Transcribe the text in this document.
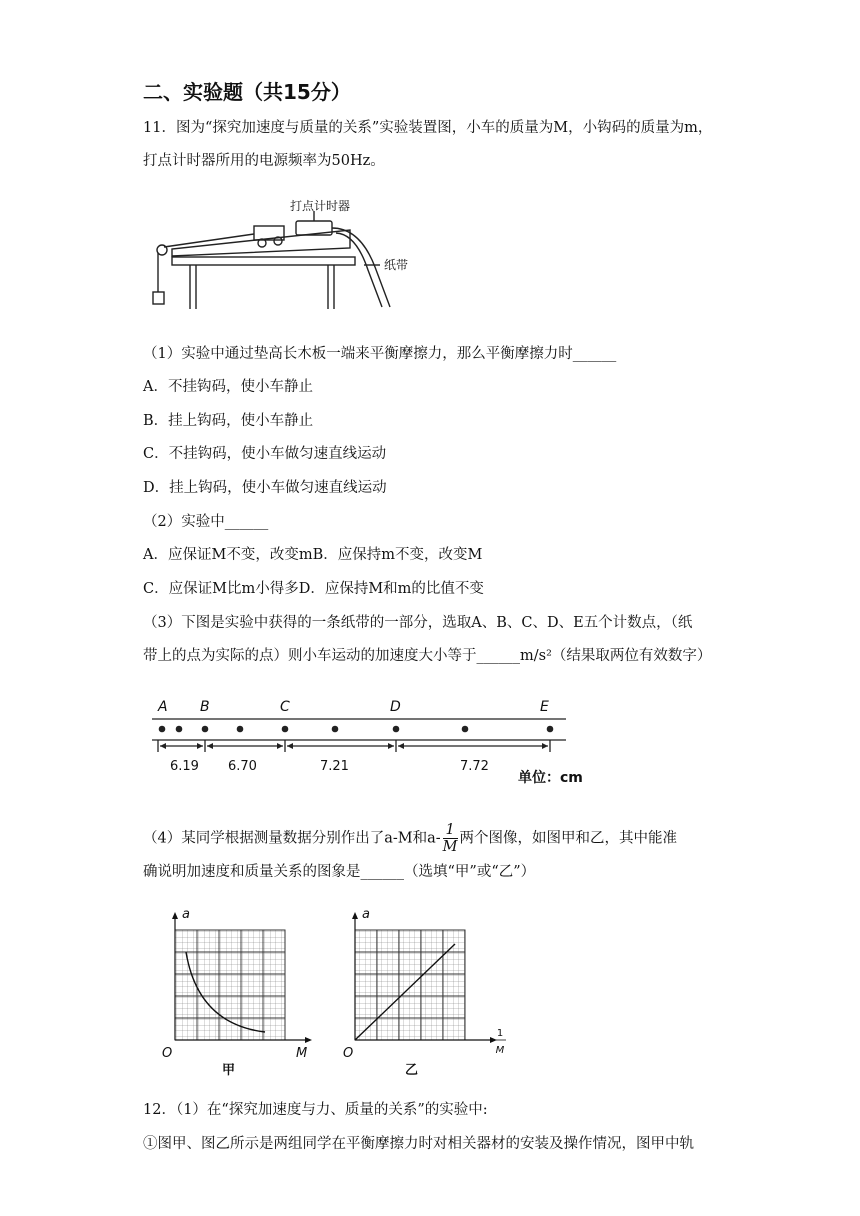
二、实验题（共15分）
11．图为“探究加速度与质量的关系”实验装置图，小车的质量为M，小钩码的质量为m，
打点计时器所用的电源频率为50Hz。
打点计时器
纸带
（1）实验中通过垫高长木板一端来平衡摩擦力，那么平衡摩擦力时______
A．不挂钩码，使小车静止
B．挂上钩码，使小车静止
C．不挂钩码，使小车做匀速直线运动
D．挂上钩码，使小车做匀速直线运动
（2）实验中______
A．应保证M不变，改变mB．应保持m不变，改变M
C．应保证M比m小得多D．应保持M和m的比值不变
（3）下图是实验中获得的一条纸带的一部分，选取A、B、C、D、E五个计数点，（纸
带上的点为实际的点）则小车运动的加速度大小等于______m/s²（结果取两位有效数字）
A B	C	D	E
6.19 6.70	7.21	7.72
单位：cm
（4）某同学根据测量数据分别作出了a-M和$a- \frac{1}{M}$ 两个图像，如图甲和乙，其中能准
确说明加速度和质量关系的图象是______（选填“甲”或“乙”）
a
O	M
甲
a
O
1
M
乙
12．（1）在“探究加速度与力、质量的关系”的实验中:
①图甲、图乙所示是两组同学在平衡摩擦力时对相关器材的安装及操作情况，图甲中轨
